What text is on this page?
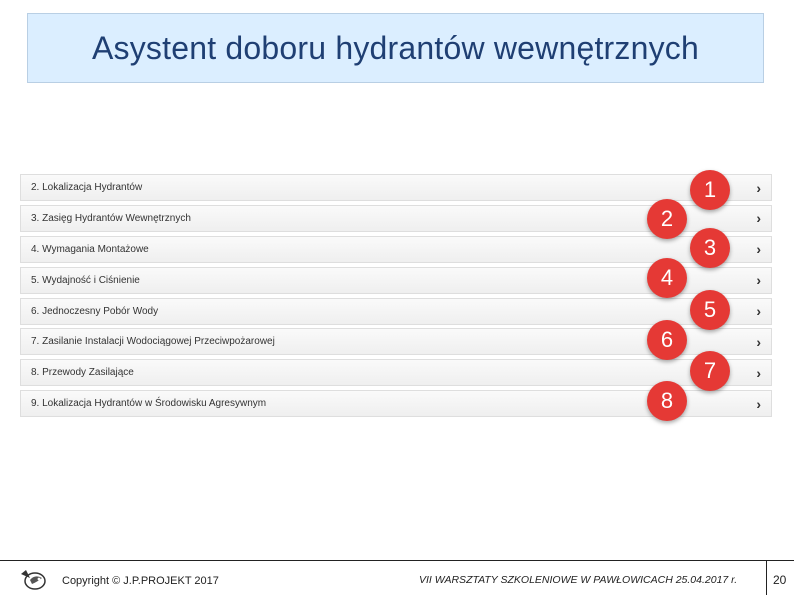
Asystent doboru hydrantów wewnętrznych
2. Lokalizacja Hydrantów	›
3. Zasięg Hydrantów Wewnętrznych	›
4. Wymagania Montażowe	›
5. Wydajność i Ciśnienie	›
6. Jednoczesny Pobór Wody	›
7. Zasilanie Instalacji Wodociągowej Przeciwpożarowej	›
8. Przewody Zasilające	›
9. Lokalizacja Hydrantów w Środowisku Agresywnym	›
1
2
3
4
5
6
7
8
Copyright © J.P.PROJEKT 2017	VII WARSZTATY SZKOLENIOWE W PAWŁOWICACH 25.04.2017 r.	20
